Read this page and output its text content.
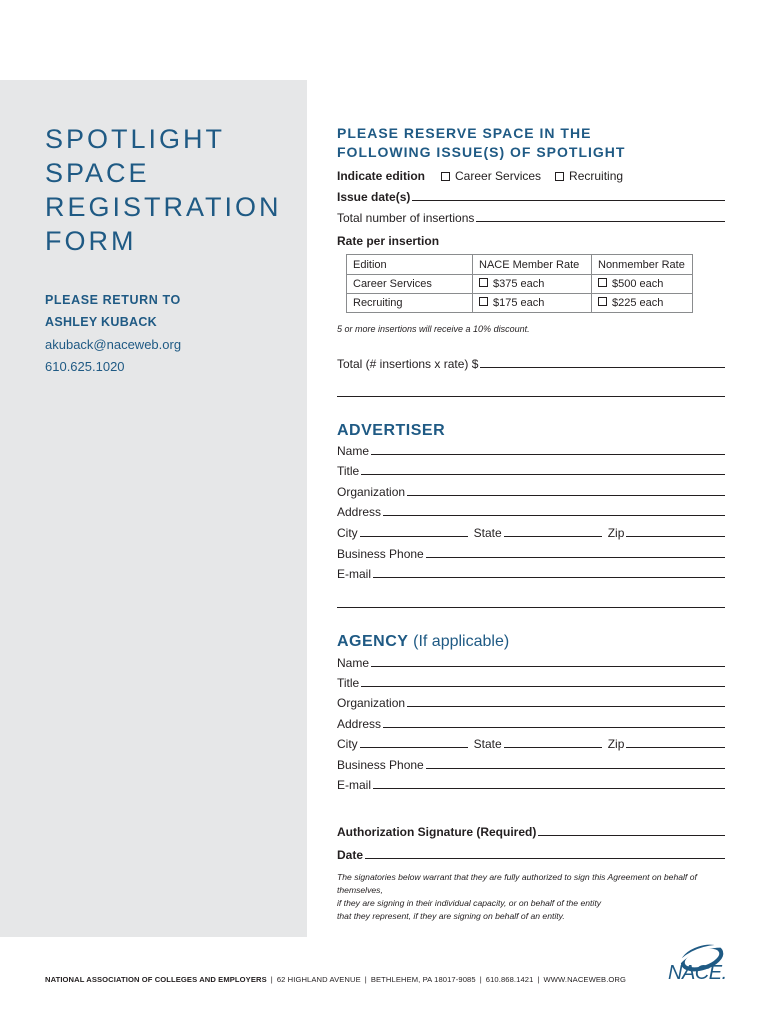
SPOTLIGHT
SPACE
REGISTRATION
FORM
PLEASE RETURN TO
ASHLEY KUBACK
akuback@naceweb.org
610.625.1020
PLEASE RESERVE SPACE IN THE
FOLLOWING ISSUE(S) OF SPOTLIGHT
Indicate edition	Career Services Recruiting
Issue date(s)
Total number of insertions
Rate per insertion
Edition	NACE Member Rate	Nonmember Rate
Career Services	$375 each	$500 each
Recruiting	$175 each	$225 each
5 or more insertions will receive a 10% discount.
Total (# insertions x rate) $
ADVERTISER
Name
Title
Organization
Address
City	State	Zip
Business Phone
E-mail
AGENCY (If applicable)
Name
Title
Organization
Address
City	State	Zip
Business Phone
E-mail
Authorization Signature (Required)
Date
The signatories below warrant that they are fully authorized to sign this Agreement on behalf of themselves,
if they are signing in their individual capacity, or on behalf of the entity
that they represent, if they are signing on behalf of an entity.
NATIONAL ASSOCIATION OF COLLEGES AND EMPLOYERS | 62 HIGHLAND AVENUE | BETHLEHEM, PA 18017-9085 | 610.868.1421 | WWW.NACEWEB.ORG NACE.
